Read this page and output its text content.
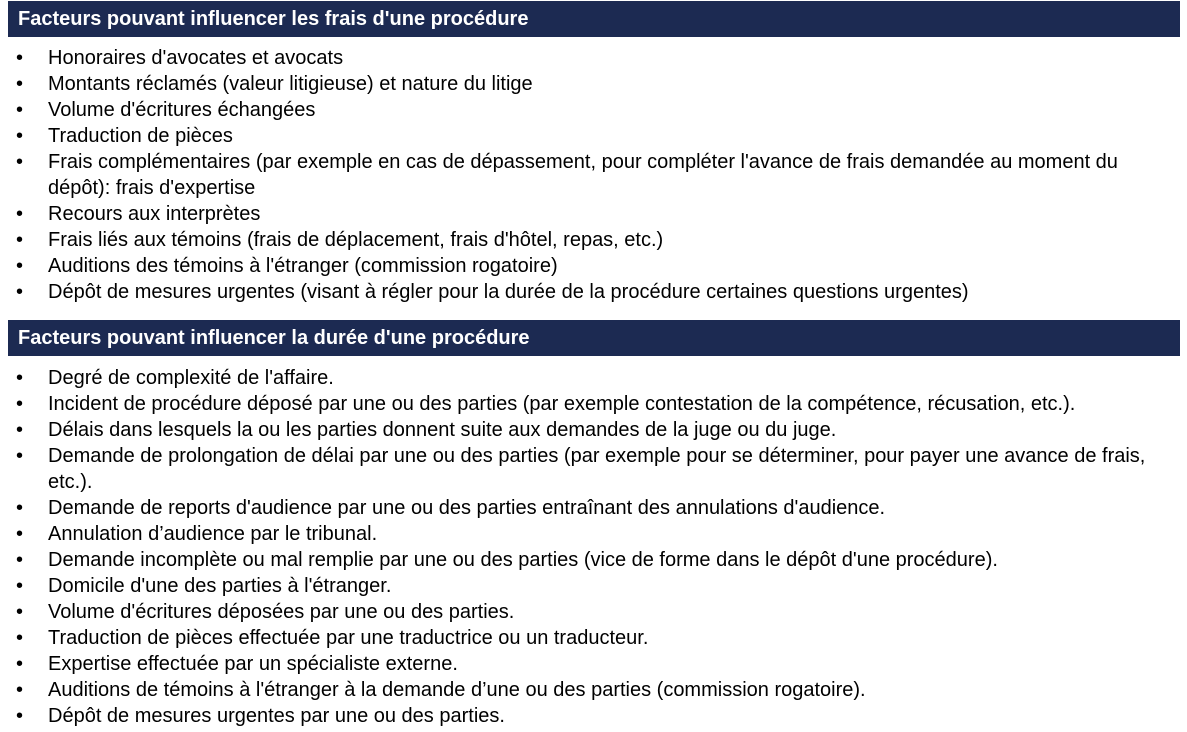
Facteurs pouvant influencer les frais d'une procédure
• Honoraires d'avocates et avocats
• Montants réclamés (valeur litigieuse) et nature du litige
• Volume d'écritures échangées
• Traduction de pièces
• Frais complémentaires (par exemple en cas de dépassement, pour compléter l'avance de frais demandée au moment du dépôt): frais d'expertise
• Recours aux interprètes
• Frais liés aux témoins (frais de déplacement, frais d'hôtel, repas, etc.)
• Auditions des témoins à l'étranger (commission rogatoire)
• Dépôt de mesures urgentes (visant à régler pour la durée de la procédure certaines questions urgentes)
Facteurs pouvant influencer la durée d'une procédure
• Degré de complexité de l'affaire.
• Incident de procédure déposé par une ou des parties (par exemple contestation de la compétence, récusation, etc.).
• Délais dans lesquels la ou les parties donnent suite aux demandes de la juge ou du juge.
• Demande de prolongation de délai par une ou des parties (par exemple pour se déterminer, pour payer une avance de frais, etc.).
• Demande de reports d'audience par une ou des parties entraînant des annulations d'audience.
• Annulation d’audience par le tribunal.
• Demande incomplète ou mal remplie par une ou des parties (vice de forme dans le dépôt d'une procédure).
• Domicile d'une des parties à l'étranger.
• Volume d'écritures déposées par une ou des parties.
• Traduction de pièces effectuée par une traductrice ou un traducteur.
• Expertise effectuée par un spécialiste externe.
• Auditions de témoins à l'étranger à la demande d’une ou des parties (commission rogatoire).
• Dépôt de mesures urgentes par une ou des parties.
